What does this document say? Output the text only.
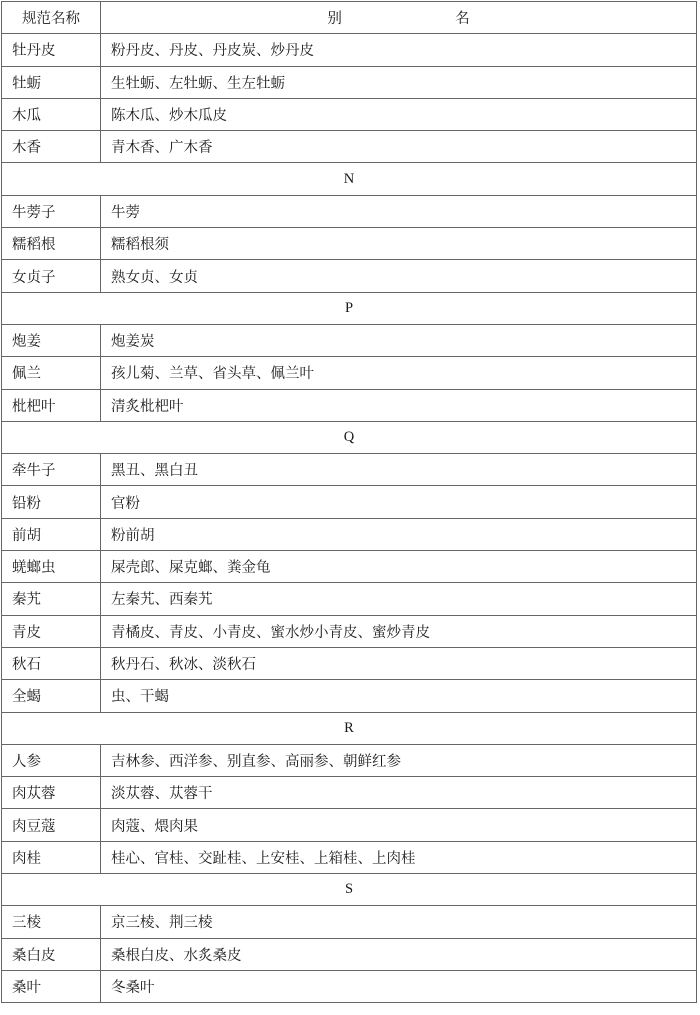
规范名称	别 名
牡丹皮	粉丹皮、丹皮、丹皮炭、炒丹皮
牡蛎	生牡蛎、左牡蛎、生左牡蛎
木瓜	陈木瓜、炒木瓜皮
木香	青木香、广木香
N	
牛蒡子	牛蒡
糯稻根	糯稻根须
女贞子	熟女贞、女贞
P	
炮姜	炮姜炭
佩兰	孩儿菊、兰草、省头草、佩兰叶
枇杷叶	清炙枇杷叶
Q	
牵牛子	黑丑、黑白丑
铅粉	官粉
前胡	粉前胡
蜣螂虫	屎壳郎、屎克螂、粪金龟
秦艽	左秦艽、西秦艽
青皮	青橘皮、青皮、小青皮、蜜水炒小青皮、蜜炒青皮
秋石	秋丹石、秋冰、淡秋石
全蝎	虫、干蝎
R	
人参	吉林参、西洋参、别直参、高丽参、朝鲜红参
肉苁蓉	淡苁蓉、苁蓉干
肉豆蔻	肉蔻、煨肉果
肉桂	桂心、官桂、交趾桂、上安桂、上箱桂、上肉桂
S	
三棱	京三棱、荆三棱
桑白皮	桑根白皮、水炙桑皮
桑叶	冬桑叶
